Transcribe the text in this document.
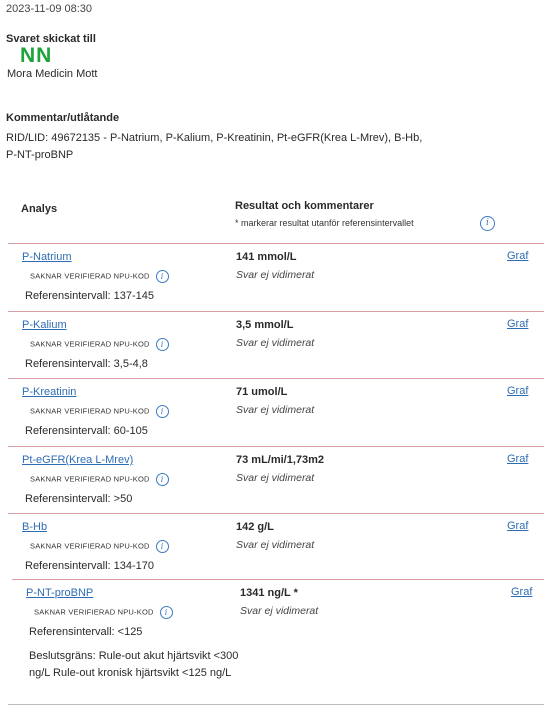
2023-11-09 08:30
Svaret skickat till
NN
Mora Medicin Mott
Kommentar/utlåtande
RID/LID: 49672135 - P-Natrium, P-Kalium, P-Kreatinin, Pt-eGFR(Krea L-Mrev), B-Hb, P-NT-proBNP
Analys	Resultat och kommentarer
* markerar resultat utanför referensintervallet	i
P-Natrium
SAKNAR VERIFIERAD NPU-KOD i
Referensintervall: 137-145
141 mmol/L
Svar ej vidimerat
Graf
P-Kalium
SAKNAR VERIFIERAD NPU-KOD i
Referensintervall: 3,5-4,8
3,5 mmol/L
Svar ej vidimerat
Graf
P-Kreatinin
SAKNAR VERIFIERAD NPU-KOD i
Referensintervall: 60-105
71 umol/L
Svar ej vidimerat
Graf
Pt-eGFR(Krea L-Mrev)
SAKNAR VERIFIERAD NPU-KOD i
Referensintervall: >50
73 mL/mi/1,73m2
Svar ej vidimerat
Graf
B-Hb
SAKNAR VERIFIERAD NPU-KOD i
Referensintervall: 134-170
142 g/L
Svar ej vidimerat
Graf
P-NT-proBNP
SAKNAR VERIFIERAD NPU-KOD i
Referensintervall: <125
Beslutsgräns: Rule-out akut hjärtsvikt <300 ng/L Rule-out kronisk hjärtsvikt <125 ng/L
1341 ng/L *
Svar ej vidimerat
Graf
